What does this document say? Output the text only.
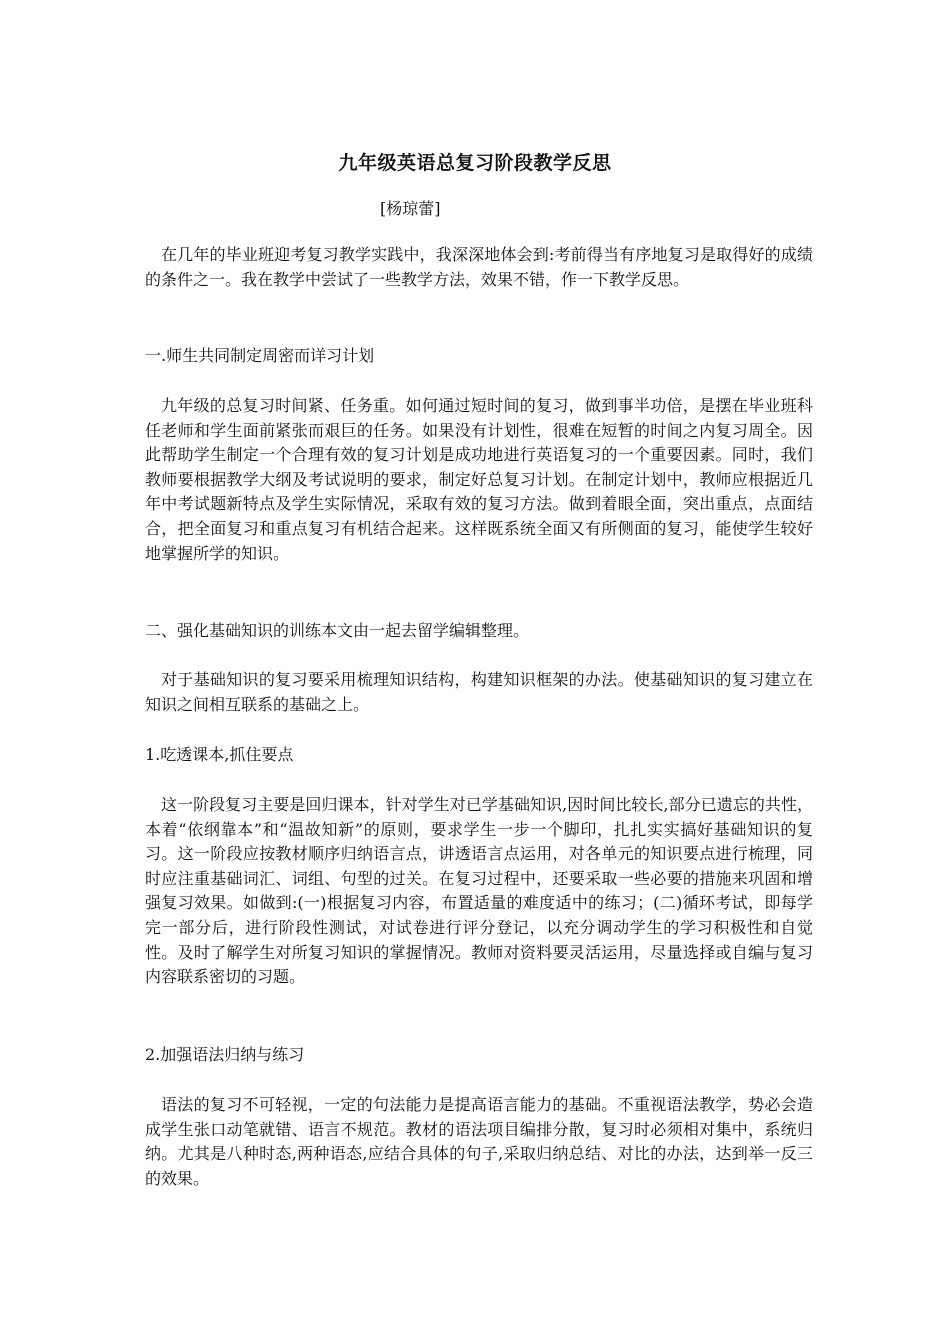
九年级英语总复习阶段教学反思
[杨琼蕾]

在几年的毕业班迎考复习教学实践中，我深深地体会到:考前得当有序地复习是取得好的成绩的条件之一。我在教学中尝试了一些教学方法，效果不错，作一下教学反思。

一.师生共同制定周密而详习计划

九年级的总复习时间紧、任务重。如何通过短时间的复习，做到事半功倍，是摆在毕业班科任老师和学生面前紧张而艰巨的任务。如果没有计划性，很难在短暂的时间之内复习周全。因此帮助学生制定一个合理有效的复习计划是成功地进行英语复习的一个重要因素。同时，我们教师要根据教学大纲及考试说明的要求，制定好总复习计划。在制定计划中，教师应根据近几年中考试题新特点及学生实际情况，采取有效的复习方法。做到着眼全面，突出重点，点面结合，把全面复习和重点复习有机结合起来。这样既系统全面又有所侧面的复习，能使学生较好地掌握所学的知识。

二、强化基础知识的训练本文由一起去留学编辑整理。

对于基础知识的复习要采用梳理知识结构，构建知识框架的办法。使基础知识的复习建立在知识之间相互联系的基础之上。

1.吃透课本,抓住要点

这一阶段复习主要是回归课本，针对学生对已学基础知识,因时间比较长,部分已遗忘的共性，本着“依纲靠本”和“温故知新”的原则，要求学生一步一个脚印，扎扎实实搞好基础知识的复习。这一阶段应按教材顺序归纳语言点，讲透语言点运用，对各单元的知识要点进行梳理，同时应注重基础词汇、词组、句型的过关。在复习过程中，还要采取一些必要的措施来巩固和增强复习效果。如做到:(一)根据复习内容，布置适量的难度适中的练习；(二)循环考试，即每学完一部分后，进行阶段性测试，对试卷进行评分登记，以充分调动学生的学习积极性和自觉性。及时了解学生对所复习知识的掌握情况。教师对资料要灵活运用，尽量选择或自编与复习内容联系密切的习题。

2.加强语法归纳与练习

语法的复习不可轻视，一定的句法能力是提高语言能力的基础。不重视语法教学，势必会造成学生张口动笔就错、语言不规范。教材的语法项目编排分散，复习时必须相对集中，系统归纳。尤其是八种时态,两种语态,应结合具体的句子,采取归纳总结、对比的办法，达到举一反三的效果。
